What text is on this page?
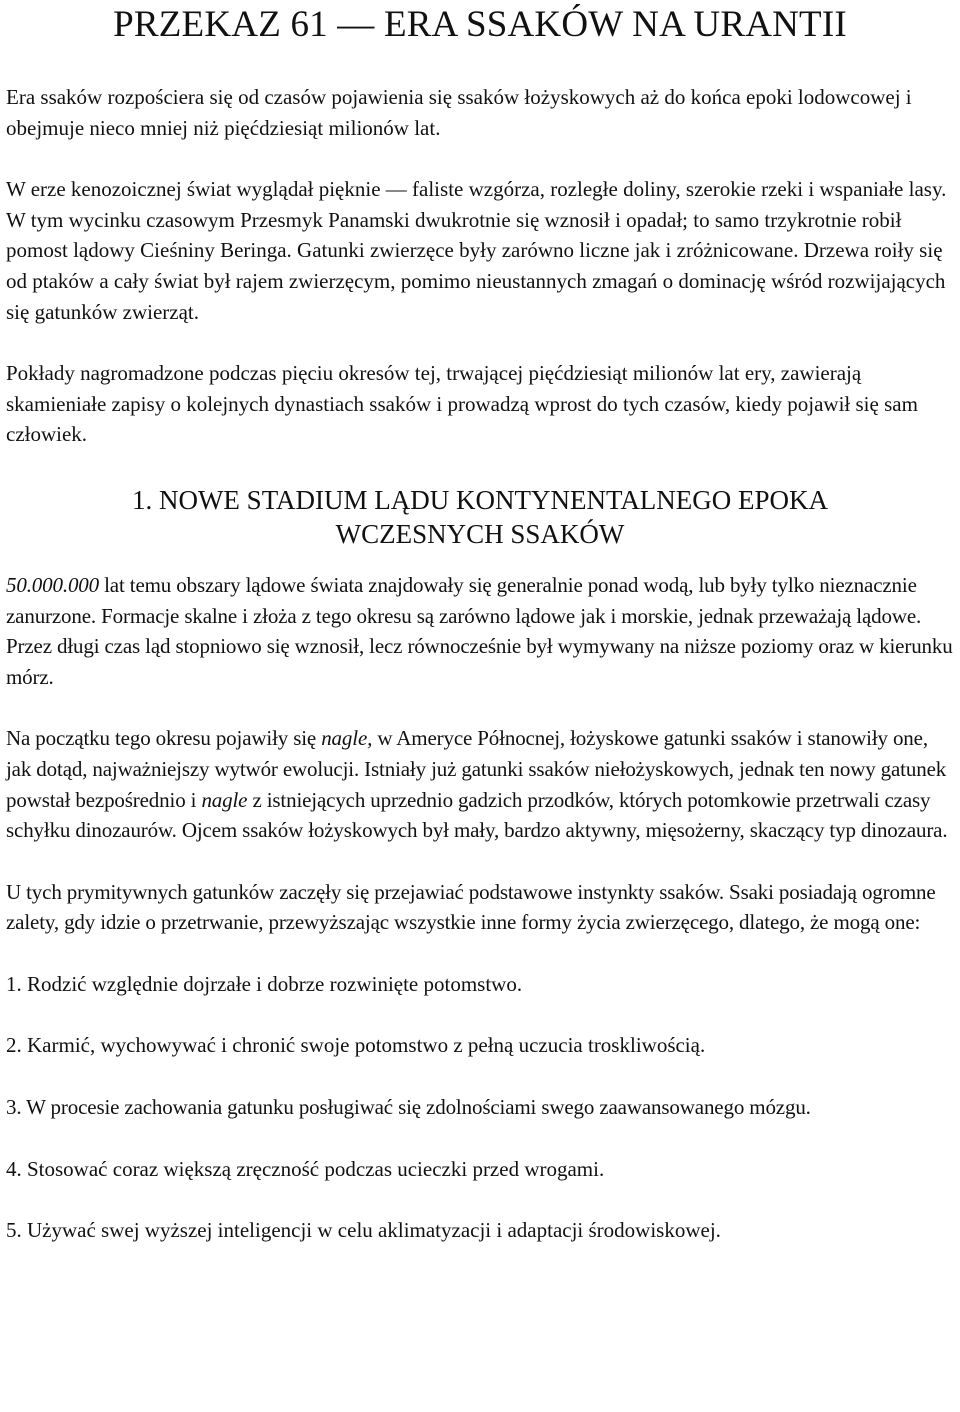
PRZEKAZ 61 — ERA SSAKÓW NA URANTII

Era ssaków rozpościera się od czasów pojawienia się ssaków łożyskowych aż do końca epoki lodowcowej i obejmuje nieco mniej niż pięćdziesiąt milionów lat.

W erze kenozoicznej świat wyglądał pięknie — faliste wzgórza, rozległe doliny, szerokie rzeki i wspaniałe lasy. W tym wycinku czasowym Przesmyk Panamski dwukrotnie się wznosił i opadał; to samo trzykrotnie robił pomost lądowy Cieśniny Beringa. Gatunki zwierzęce były zarówno liczne jak i zróżnicowane. Drzewa roiły się od ptaków a cały świat był rajem zwierzęcym, pomimo nieustannych zmagań o dominację wśród rozwijających się gatunków zwierząt.

Pokłady nagromadzone podczas pięciu okresów tej, trwającej pięćdziesiąt milionów lat ery, zawierają skamieniałe zapisy o kolejnych dynastiach ssaków i prowadzą wprost do tych czasów, kiedy pojawił się sam człowiek.

1. NOWE STADIUM LĄDU KONTYNENTALNEGO EPOKA
WCZESNYCH SSAKÓW

50.000.000 lat temu obszary lądowe świata znajdowały się generalnie ponad wodą, lub były tylko nieznacznie zanurzone. Formacje skalne i złoża z tego okresu są zarówno lądowe jak i morskie, jednak przeważają lądowe. Przez długi czas ląd stopniowo się wznosił, lecz równocześnie był wymywany na niższe poziomy oraz w kierunku mórz.

Na początku tego okresu pojawiły się nagle, w Ameryce Północnej, łożyskowe gatunki ssaków i stanowiły one, jak dotąd, najważniejszy wytwór ewolucji. Istniały już gatunki ssaków niełożyskowych, jednak ten nowy gatunek powstał bezpośrednio i nagle z istniejących uprzednio gadzich przodków, których potomkowie przetrwali czasy schyłku dinozaurów. Ojcem ssaków łożyskowych był mały, bardzo aktywny, mięsożerny, skaczący typ dinozaura.

U tych prymitywnych gatunków zaczęły się przejawiać podstawowe instynkty ssaków. Ssaki posiadają ogromne zalety, gdy idzie o przetrwanie, przewyższając wszystkie inne formy życia zwierzęcego, dlatego, że mogą one:

1. Rodzić względnie dojrzałe i dobrze rozwinięte potomstwo.

2. Karmić, wychowywać i chronić swoje potomstwo z pełną uczucia troskliwością.

3. W procesie zachowania gatunku posługiwać się zdolnościami swego zaawansowanego mózgu.

4. Stosować coraz większą zręczność podczas ucieczki przed wrogami.

5. Używać swej wyższej inteligencji w celu aklimatyzacji i adaptacji środowiskowej.
